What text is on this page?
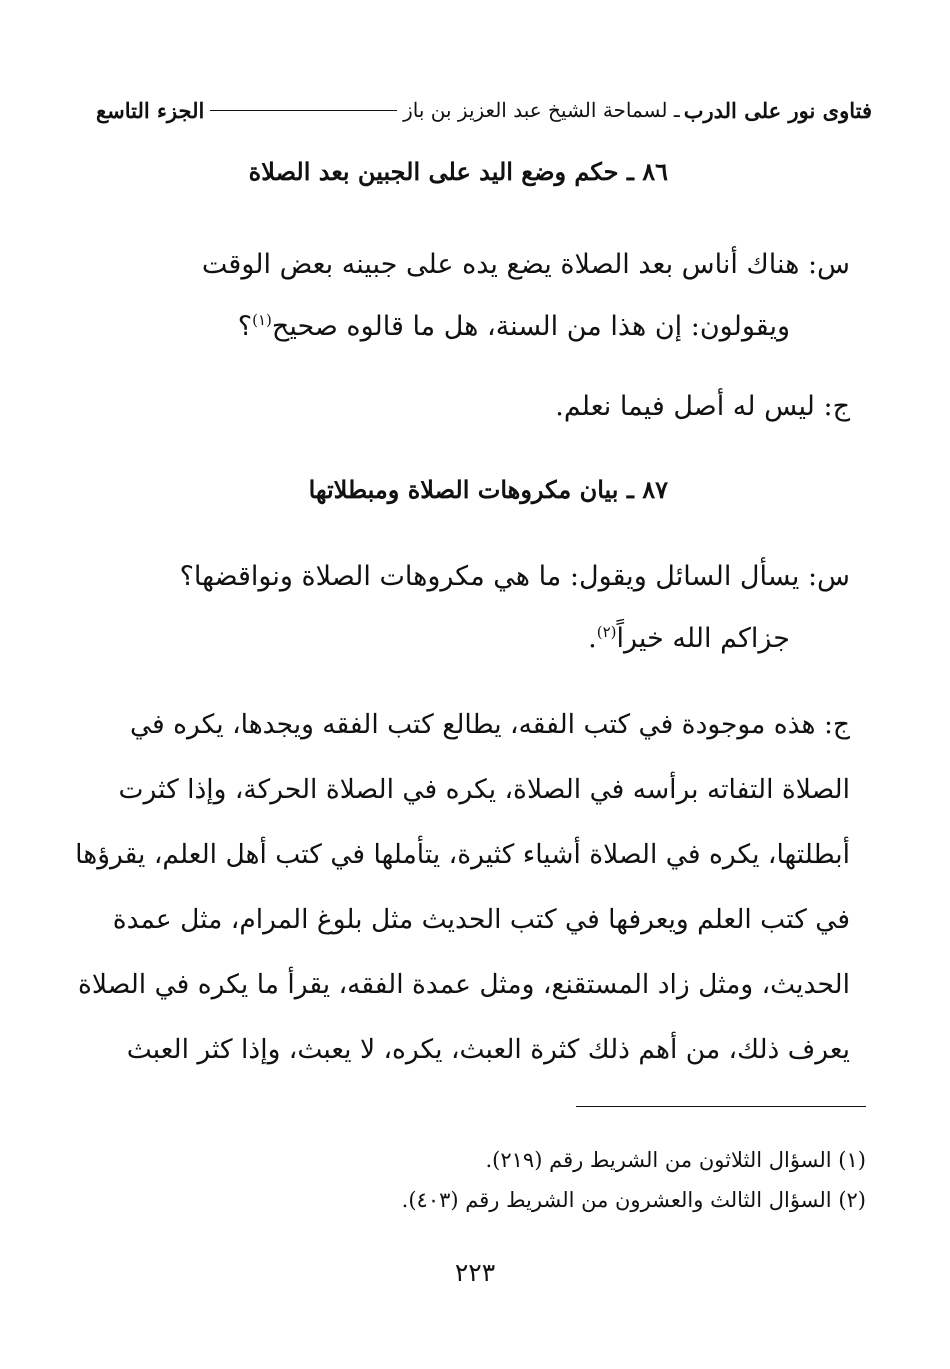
فتاوى نور على الدرب
ـ لسماحة الشيخ عبد العزيز بن باز
الجزء التاسع
٨٦ ـ حكم وضع اليد على الجبين بعد الصلاة
س: هناك أناس بعد الصلاة يضع يده على جبينه بعض الوقت
ويقولون: إن هذا من السنة، هل ما قالوه صحيح$^{(١)}$؟
ج: ليس له أصل فيما نعلم.
٨٧ ـ بيان مكروهات الصلاة ومبطلاتها
س: يسأل السائل ويقول: ما هي مكروهات الصلاة ونواقضها؟
جزاكم الله خيراً$^{(٢)}$.
ج: هذه موجودة في كتب الفقه، يطالع كتب الفقه ويجدها، يكره في
الصلاة التفاته برأسه في الصلاة، يكره في الصلاة الحركة، وإذا كثرت
أبطلتها، يكره في الصلاة أشياء كثيرة، يتأملها في كتب أهل العلم، يقرؤها
في كتب العلم ويعرفها في كتب الحديث مثل بلوغ المرام، مثل عمدة
الحديث، ومثل زاد المستقنع، ومثل عمدة الفقه، يقرأ ما يكره في الصلاة
يعرف ذلك، من أهم ذلك كثرة العبث، يكره، لا يعبث، وإذا كثر العبث
(١) السؤال الثلاثون من الشريط رقم (٢١٩).
(٢) السؤال الثالث والعشرون من الشريط رقم (٤٠٣).
٢٢٣
